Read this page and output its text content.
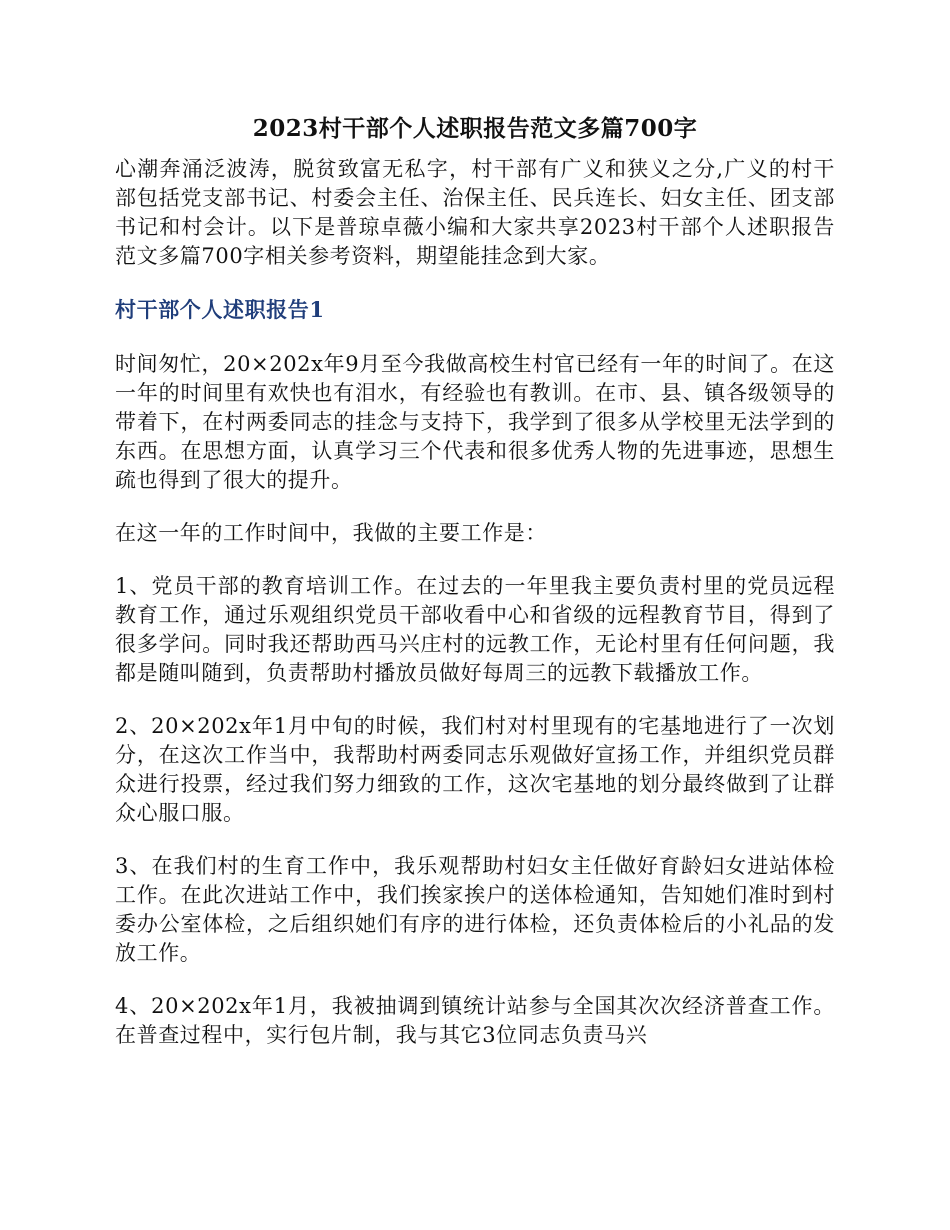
2023村干部个人述职报告范文多篇700字
心潮奔涌泛波涛，脱贫致富无私字，村干部有广义和狭义之分,广义的村干部包括党支部书记、村委会主任、治保主任、民兵连长、妇女主任、团支部书记和村会计。以下是普琼卓薇小编和大家共享2023村干部个人述职报告范文多篇700字相关参考资料，期望能挂念到大家。
村干部个人述职报告1
时间匆忙，20×202x年9月至今我做高校生村官已经有一年的时间了。在这一年的时间里有欢快也有泪水，有经验也有教训。在市、县、镇各级领导的带着下，在村两委同志的挂念与支持下，我学到了很多从学校里无法学到的东西。在思想方面，认真学习三个代表和很多优秀人物的先进事迹，思想生疏也得到了很大的提升。
在这一年的工作时间中，我做的主要工作是：
1、党员干部的教育培训工作。在过去的一年里我主要负责村里的党员远程教育工作，通过乐观组织党员干部收看中心和省级的远程教育节目，得到了很多学问。同时我还帮助西马兴庄村的远教工作，无论村里有任何问题，我都是随叫随到，负责帮助村播放员做好每周三的远教下载播放工作。
2、20×202x年1月中旬的时候，我们村对村里现有的宅基地进行了一次划分，在这次工作当中，我帮助村两委同志乐观做好宣扬工作，并组织党员群众进行投票，经过我们努力细致的工作，这次宅基地的划分最终做到了让群众心服口服。
3、在我们村的生育工作中，我乐观帮助村妇女主任做好育龄妇女进站体检工作。在此次进站工作中，我们挨家挨户的送体检通知，告知她们准时到村委办公室体检，之后组织她们有序的进行体检，还负责体检后的小礼品的发放工作。
4、20×202x年1月，我被抽调到镇统计站参与全国其次次经济普查工作。在普查过程中，实行包片制，我与其它3位同志负责马兴
